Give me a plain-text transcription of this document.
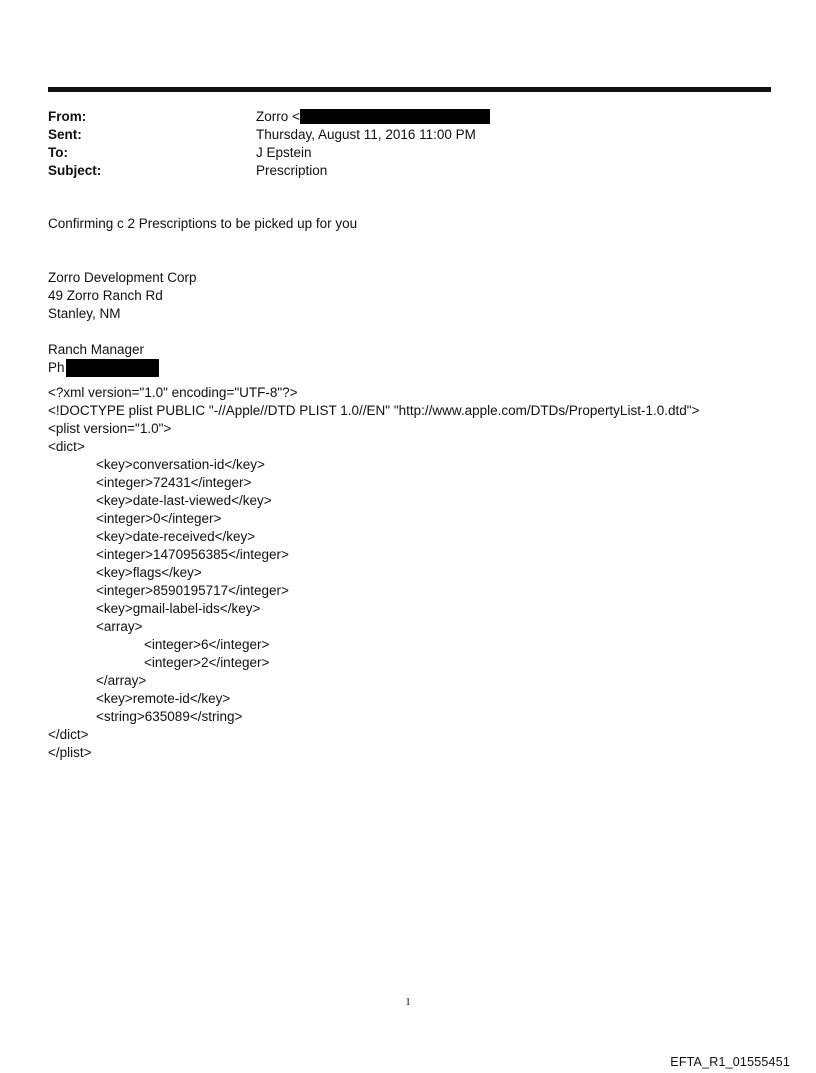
From:	Zorro <
Sent:	Thursday, August 11, 2016 11:00 PM
To:	J Epstein
Subject:	Prescription
Confirming c 2 Prescriptions to be picked up for you
Zorro Development Corp
49 Zorro Ranch Rd
Stanley, NM
Ranch Manager
Ph
<?xml version="1.0" encoding="UTF-8"?>
<!DOCTYPE plist PUBLIC "-//Apple//DTD PLIST 1.0//EN" "http://www.apple.com/DTDs/PropertyList-1.0.dtd">
<plist version="1.0">
<dict>
<key>conversation-id</key>
<integer>72431</integer>
<key>date-last-viewed</key>
<integer>0</integer>
<key>date-received</key>
<integer>1470956385</integer>
<key>flags</key>
<integer>8590195717</integer>
<key>gmail-label-ids</key>
<array>
<integer>6</integer>
<integer>2</integer>
</array>
<key>remote-id</key>
<string>635089</string>
</dict>
</plist>
1
EFTA_R1_01555451
